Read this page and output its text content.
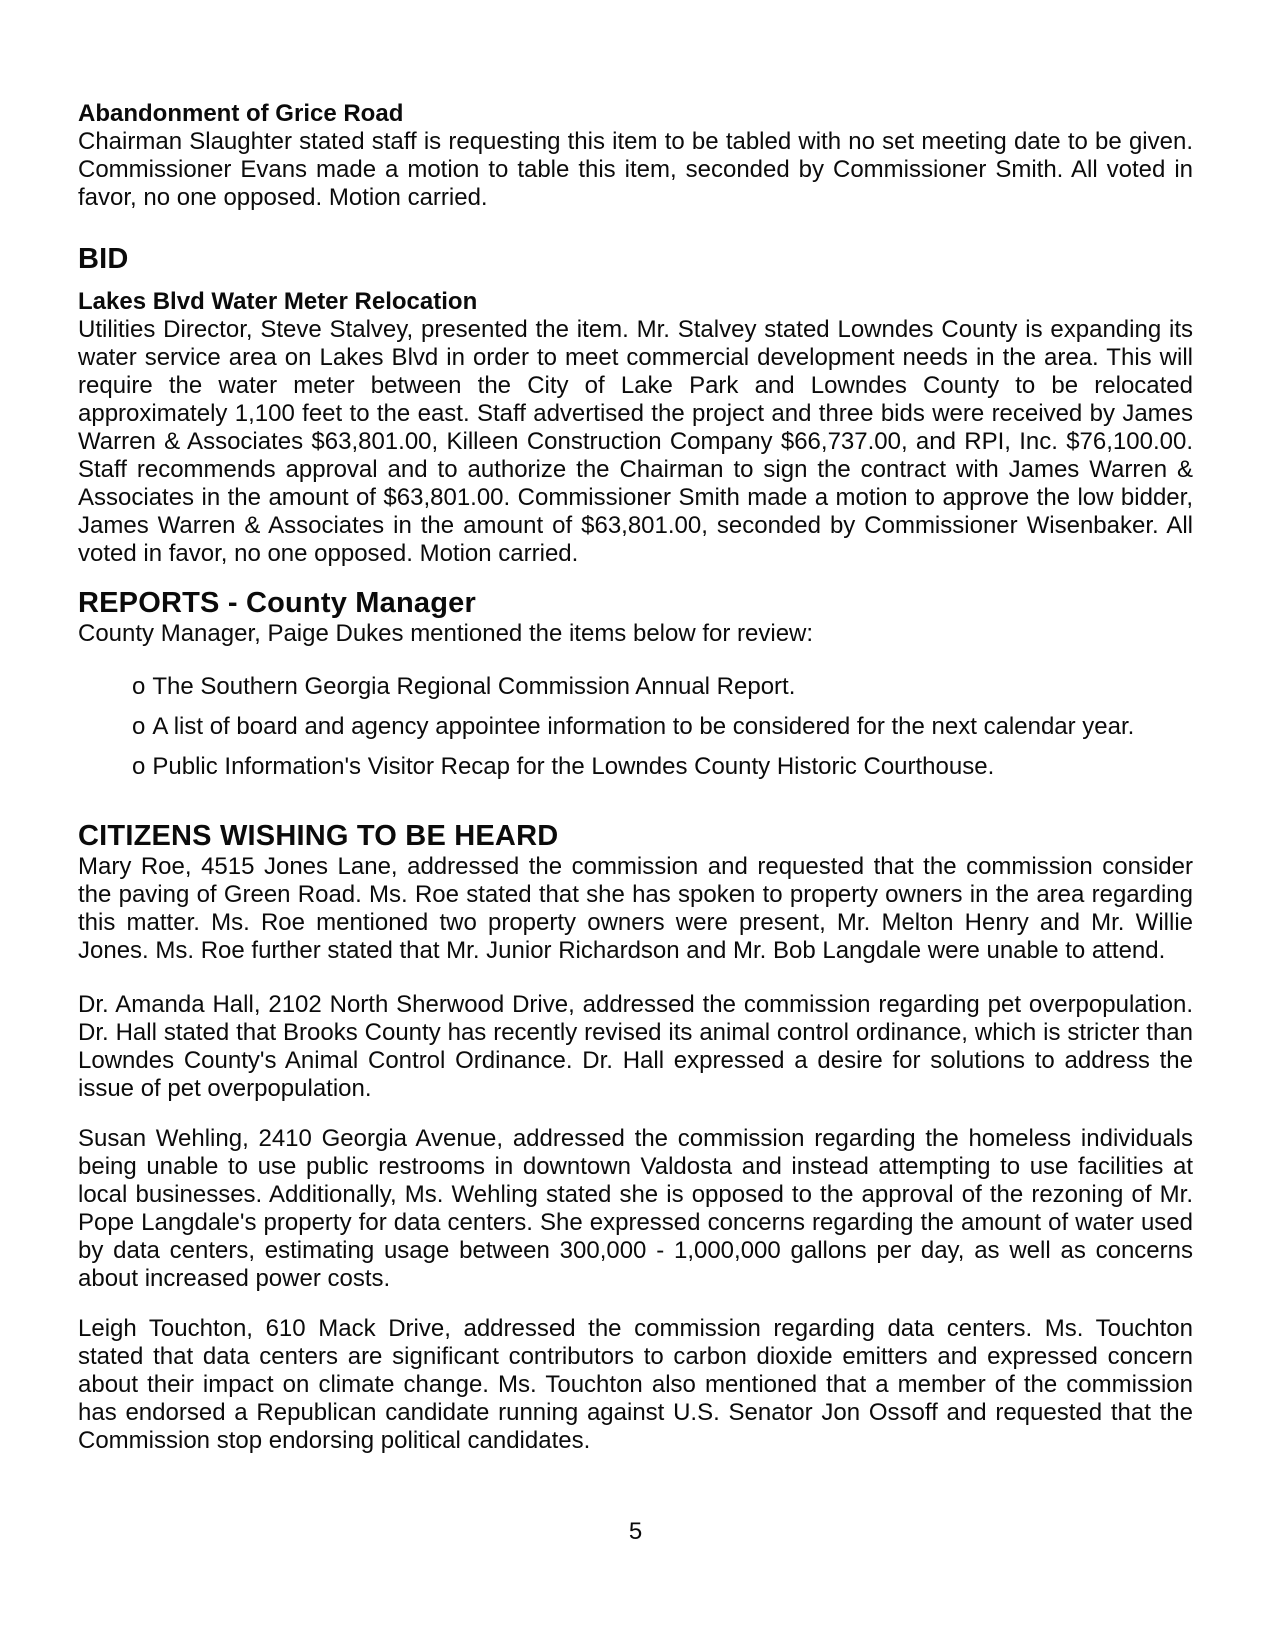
Abandonment of Grice Road

Chairman Slaughter stated staff is requesting this item to be tabled with no set meeting date to be given. Commissioner Evans made a motion to table this item, seconded by Commissioner Smith. All voted in favor, no one opposed. Motion carried.

BID
Lakes Blvd Water Meter Relocation

Utilities Director, Steve Stalvey, presented the item. Mr. Stalvey stated Lowndes County is expanding its water service area on Lakes Blvd in order to meet commercial development needs in the area. This will require the water meter between the City of Lake Park and Lowndes County to be relocated approximately 1,100 feet to the east. Staff advertised the project and three bids were received by James Warren & Associates $63,801.00, Killeen Construction Company $66,737.00, and RPI, Inc. $76,100.00. Staff recommends approval and to authorize the Chairman to sign the contract with James Warren & Associates in the amount of $63,801.00. Commissioner Smith made a motion to approve the low bidder, James Warren & Associates in the amount of $63,801.00, seconded by Commissioner Wisenbaker. All voted in favor, no one opposed. Motion carried.

REPORTS - County Manager

County Manager, Paige Dukes mentioned the items below for review:

o The Southern Georgia Regional Commission Annual Report.
o A list of board and agency appointee information to be considered for the next calendar year.
o Public Information's Visitor Recap for the Lowndes County Historic Courthouse.
CITIZENS WISHING TO BE HEARD

Mary Roe, 4515 Jones Lane, addressed the commission and requested that the commission consider the paving of Green Road. Ms. Roe stated that she has spoken to property owners in the area regarding this matter. Ms. Roe mentioned two property owners were present, Mr. Melton Henry and Mr. Willie Jones. Ms. Roe further stated that Mr. Junior Richardson and Mr. Bob Langdale were unable to attend.

Dr. Amanda Hall, 2102 North Sherwood Drive, addressed the commission regarding pet overpopulation. Dr. Hall stated that Brooks County has recently revised its animal control ordinance, which is stricter than Lowndes County's Animal Control Ordinance. Dr. Hall expressed a desire for solutions to address the issue of pet overpopulation.

Susan Wehling, 2410 Georgia Avenue, addressed the commission regarding the homeless individuals being unable to use public restrooms in downtown Valdosta and instead attempting to use facilities at local businesses. Additionally, Ms. Wehling stated she is opposed to the approval of the rezoning of Mr. Pope Langdale's property for data centers. She expressed concerns regarding the amount of water used by data centers, estimating usage between 300,000 - 1,000,000 gallons per day, as well as concerns about increased power costs.

Leigh Touchton, 610 Mack Drive, addressed the commission regarding data centers. Ms. Touchton stated that data centers are significant contributors to carbon dioxide emitters and expressed concern about their impact on climate change. Ms. Touchton also mentioned that a member of the commission has endorsed a Republican candidate running against U.S. Senator Jon Ossoff and requested that the Commission stop endorsing political candidates.

5
